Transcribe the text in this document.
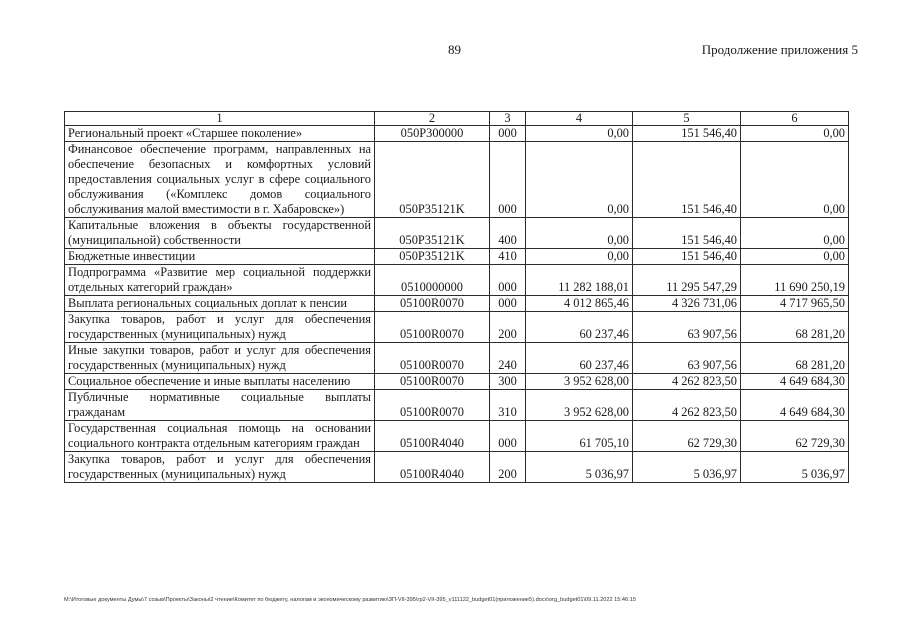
89	Продолжение приложения 5
1	2	3	4	5	6
Региональный проект «Старшее поколение»	050P300000	000	0,00	151 546,40	0,00
Финансовое обеспечение программ, направленных на обеспечение безопасных и комфортных условий предоставления социальных услуг в сфере социального обслуживания («Комплекс домов социального обслуживания малой вместимости в г. Хабаровске»)	050P35121K	000	0,00	151 546,40	0,00
Капитальные вложения в объекты государственной (муниципальной) собственности	050P35121K	400	0,00	151 546,40	0,00
Бюджетные инвестиции	050P35121K	410	0,00	151 546,40	0,00
Подпрограмма «Развитие мер социальной поддержки отдельных категорий граждан»	0510000000	000	11 282 188,01	11 295 547,29	11 690 250,19
Выплата региональных социальных доплат к пенсии	05100R0070	000	4 012 865,46	4 326 731,06	4 717 965,50
Закупка товаров, работ и услуг для обеспечения государственных (муниципальных) нужд	05100R0070	200	60 237,46	63 907,56	68 281,20
Иные закупки товаров, работ и услуг для обеспечения государственных (муниципальных) нужд	05100R0070	240	60 237,46	63 907,56	68 281,20
Социальное обеспечение и иные выплаты населению	05100R0070	300	3 952 628,00	4 262 823,50	4 649 684,30
Публичные нормативные социальные выплаты гражданам	05100R0070	310	3 952 628,00	4 262 823,50	4 649 684,30
Государственная социальная помощь на основании социального контракта отдельным категориям граждан	05100R4040	000	61 705,10	62 729,30	62 729,30
Закупка товаров, работ и услуг для обеспечения государственных (муниципальных) нужд	05100R4040	200	5 036,97	5 036,97	5 036,97
М:\Итоговые документы Думы\7 созыв\Проекты\Законы\2 чтение\Комитет по бюджету, налогам и экономическому развитию\ЗП-VII-395\гр2-VII-395_v111122_budget01(приложение5).docx\org_budget01\09.11.2022 15:46:15
